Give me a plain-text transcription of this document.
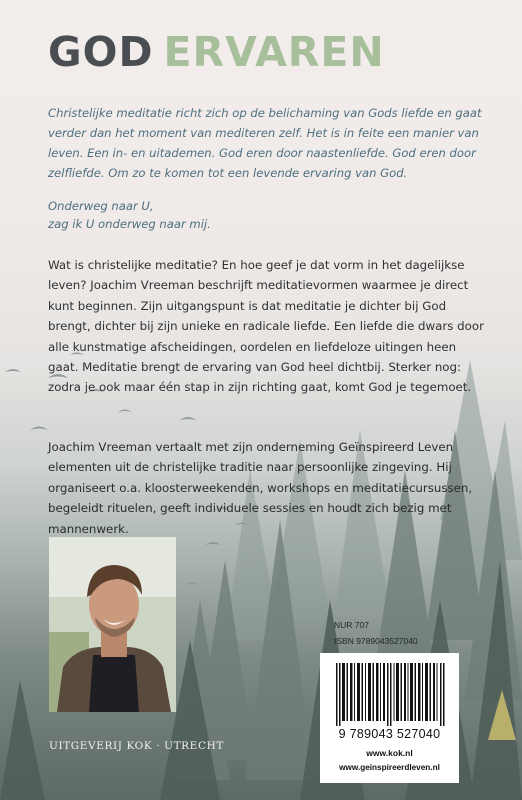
GOD ERVAREN

Christelijke meditatie richt zich op de belichaming van Gods liefde en gaat verder dan het moment van mediteren zelf. Het is in feite een manier van leven. Een in- en uitademen. God eren door naastenliefde. God eren door zelfliefde. Om zo te komen tot een levende ervaring van God.

Onderweg naar U,
zag ik U onderweg naar mij.

Wat is christelijke meditatie? En hoe geef je dat vorm in het dagelijkse leven? Joachim Vreeman beschrijft meditatievormen waarmee je direct kunt beginnen. Zijn uitgangspunt is dat meditatie je dichter bij God brengt, dichter bij zijn unieke en radicale liefde. Een liefde die dwars door alle kunstmatige afscheidingen, oordelen en liefdeloze uitingen heen gaat. Meditatie brengt de ervaring van God heel dichtbij. Sterker nog: zodra je ook maar één stap in zijn richting gaat, komt God je tegemoet.

Joachim Vreeman vertaalt met zijn onderneming Geïnspireerd Leven elementen uit de christelijke traditie naar persoonlijke zingeving. Hij organiseert o.a. kloosterweekenden, workshops en meditatiecursussen, begeleidt rituelen, geeft individuele sessies en houdt zich bezig met mannenwerk.

UITGEVERIJ KOK · UTRECHT
NUR 707
ISBN 9789043527040
9 789043 527040
www.kok.nl
www.geinspireerdleven.nl
